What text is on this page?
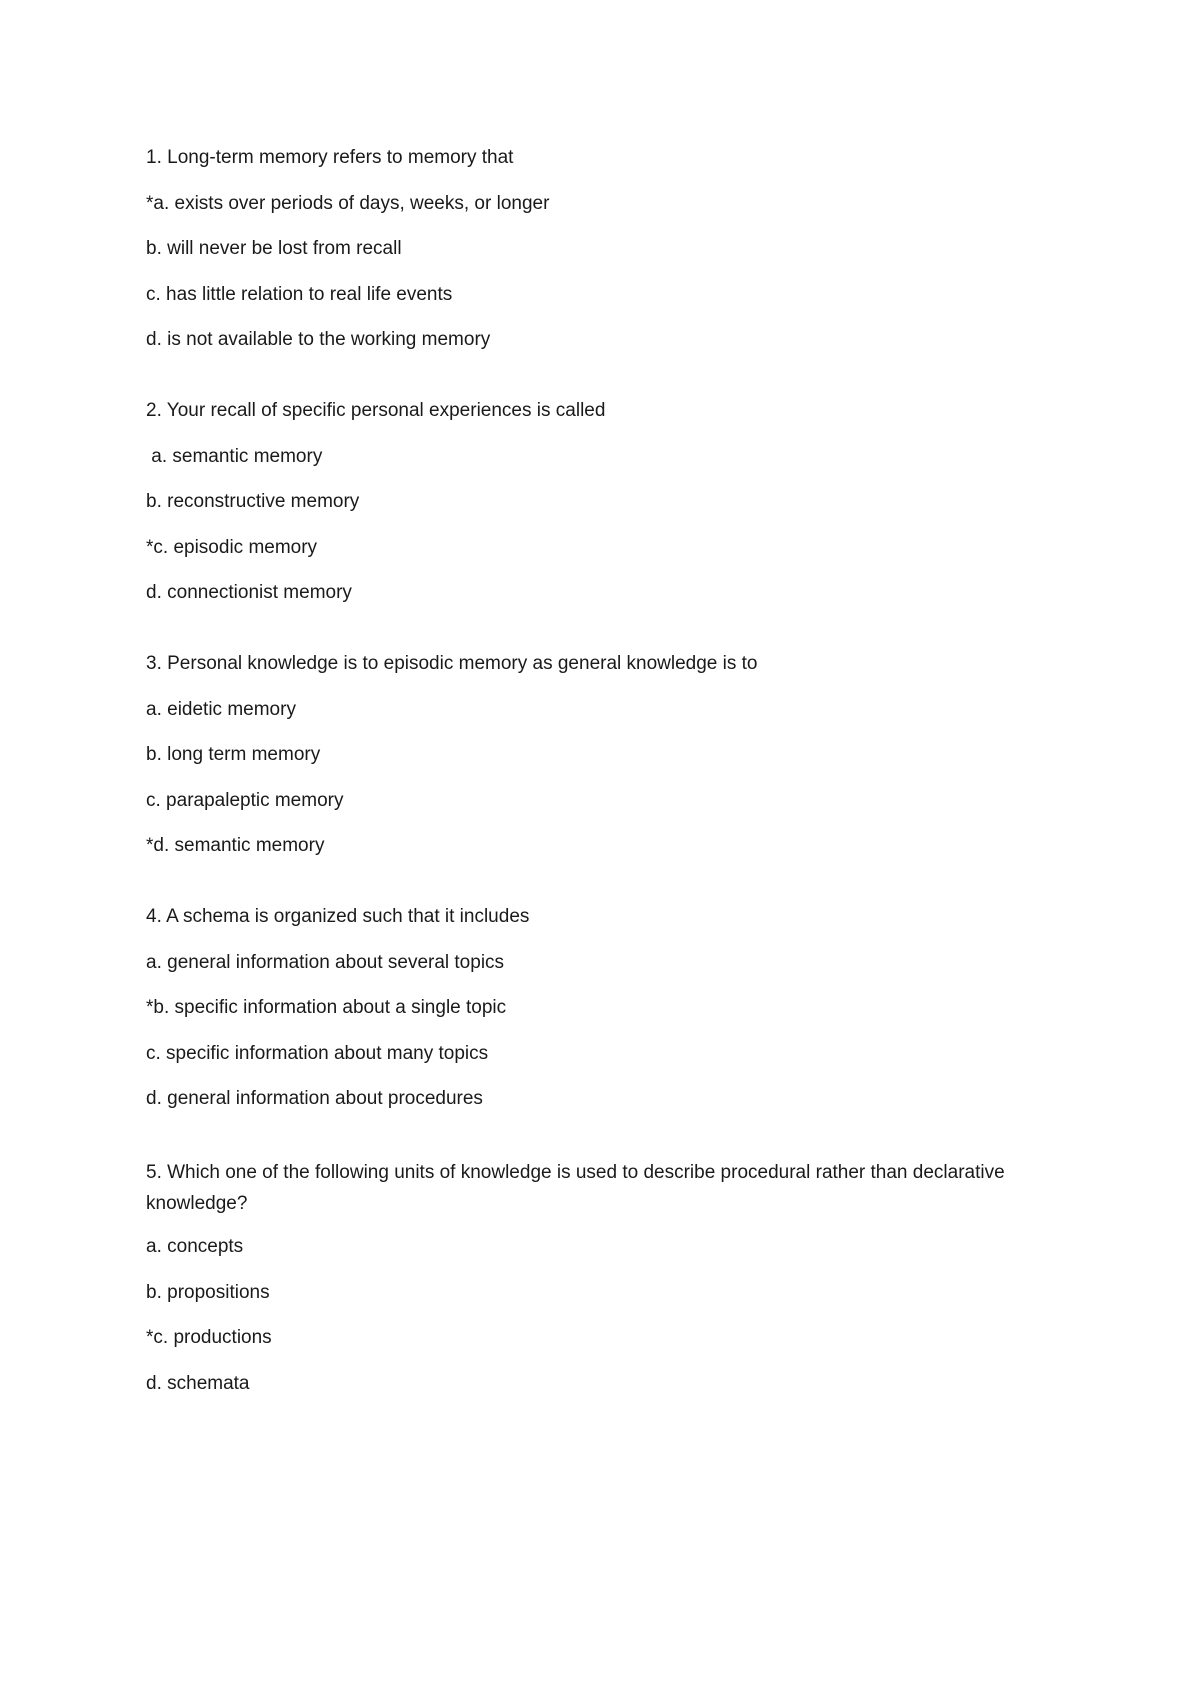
1. Long-term memory refers to memory that
*a. exists over periods of days, weeks, or longer
b. will never be lost from recall
c. has little relation to real life events
d. is not available to the working memory
2. Your recall of specific personal experiences is called
a. semantic memory
b. reconstructive memory
*c. episodic memory
d. connectionist memory
3. Personal knowledge is to episodic memory as general knowledge is to
a. eidetic memory
b. long term memory
c. parapaleptic memory
*d. semantic memory
4. A schema is organized such that it includes
a. general information about several topics
*b. specific information about a single topic
c. specific information about many topics
d. general information about procedures
5. Which one of the following units of knowledge is used to describe procedural rather than declarative knowledge?
a. concepts
b. propositions
*c. productions
d. schemata
